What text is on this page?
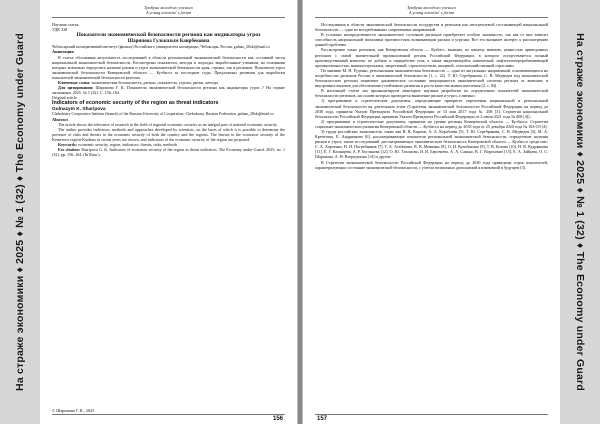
На страже экономики ♦ 2025 ♦ № 1 (32) ♦ The Economy under Guard
Трибуна молодого ученого
A young scientist' s forum

Научная статья

УДК 338

Показатели экономической безопасности региона как индикаторы угроз

Шарипова Гульназым Каирбековна

Чебоксарский кооперативный институт (филиал) Российского университета кооперации, Чебоксары, Россия, gulnaz_28okt@mail.ru

Аннотация

В статье обоснована актуальность исследований в области региональной экономической безопасности как составной части национальной экономической безопасности. Рассмотрены показатели, методы и подходы, выработанные учеными, на основании которых возможно определить наличие рисков и угроз экономической безопасности края, страны, так и регионов. Показатели угроз экономической безопасности Кемеровской области — Кузбасса за последние годы. Предложены решения для выработки показателей экономической безопасности региона.

Ключевые слова: экономическая безопасность, регион, показатели, угрозы, риски, методы

Для цитирования: Шарипова Г. К. Показатели экономической безопасности региона как индикаторы угроз // На страже экономики. 2025. № 1 (32). С. 156–164.

Original article

Indicators of economic security of the region as threat indicators

Gulnazym K. Sharipova

Cheboksary Cooperative Institute (branch) of the Russian University of Cooperation, Cheboksary, Russian Federation, gulnaz_28okt@mail.ru

Abstract

The article shows the relevance of research in the field of regional economic security as an integral part of national economic security.

The author provides indicators, methods and approaches developed by scientists, on the basis of which it is possible to determine the presence of risks and threats to the economic security of both the country and the regions. The threats to the economic security of the Kemerovo region-Kuzbass in recent years are shown, and indicators of the economic security of the region are proposed.

Keywords: economic security, region, indicators, threats, risks, methods

For citation: Sharipova G. K. Indicators of economic security of the region as threat indicators. The Economy under Guard. 2025; no. 1 (32), pp. 156–164. (In Russ.).

© Шарипова Г. К., 2025
156
Трибуна молодого ученого
A young scientist' s forum

Исследования в области экономической безопасности государства и регионов как неотъемлемой составляющей национальной безопасности — одно из востребованных современных направлений.

В условиях неопределенности экономическое состояние регионов приобретает особую значимость, так как от них зависит способность национальной экономики противостоять возникающим рискам и угрозам. Все это вызывает интерес к рассмотрению данной проблемы.

Рассмотрение таких регионов, как Кемеровская область — Кузбасс, вызвано, по нашему мнению, ценностью приведенных регионов с самой значительной промышленной регион Российской Федерации, в котором осуществляется полный производственный комплекс по добыче и переработке угля, а также выделяющийся химической, нефтегазоперерабатывающей промышленностью, машиностроением, энергетикой, строительством, пищевой, сельскохозяйственной отраслями.

По мнению М. Н. Руденко, региональная экономическая безопасность — одно из актуальных направлений, основывающихся на потребностях регионов России в экономической безопасности [1, с. 22]. Т. Ю. Серебрякова, С. В. Медведев под экономической безопасностью региона понимают динамическое состояние защищенности экономической системы региона от внешних и внутренних вызовов для обеспечения устойчивого развития и роста качества жизни населения [2, с. 84].

В настоящей статье мы проанализируем некоторые научные разработки по определению показателей экономической безопасности регионов, на основе которых проводятся выявление рисков и угроз, а именно:

1) программные и стратегические документы, определяющие приоритет укрепления национальной и региональной экономической безопасности на длительном этапе (Стратегия экономической безопасности Российской Федерации на период до 2030 года, принятая Указом Президента Российской Федерации от 13 мая 2017 года № 208 [3]; Стратегия национальной безопасности Российской Федерации, принятая Указом Президента Российской Федерации от 2 июля 2021 года № 400 [4]);

2) программные и стратегические документы, принятые на уровне региона Кемеровской области — Кузбасса: Стратегия социально-экономического развития Кемеровской области — Кузбасса на период до 2035 года от 25 декабря 2020 года № 163-ОЗ [4];

3) труды российских экономистов, таких как В. В. Карпов, А. А. Кораблева [5], Т. Ю. Серебрякова, С. В. Медведев [2], М. А. Кречетова, Е. Андрианова [6], рассматривающие показатели региональной экономической безопасности, определение наличия рисков и угроз; также исследований, рассматривающих экономическую безопасность Кемеровской области — Кузбасса среди них: С. А. Харченко, Н. И. Погребняков [7], Т. А. Агабекова, В. В. Миненко [8], О. И. Кулибакина [9], Т. В. Котова [10], Н. В. Кудрявцева [11], Е. Г. Казанцева, А. Р. Бугланова [12], О. Ю. Тихонова, И. И. Берсенева, А. А. Санько, В. Г. Ворохович [13], Е. А. Зайцева, О. С. Шарапова, А. Н. Второушина [14] и другие.

В Стратегии экономической безопасности Российской Федерации на период до 2030 года приведены сорок показателей, характеризующих состояние экономической безопасности, с учетом возможных дополнений и изменений в будущем [3].

157
На страже экономики ♦ 2025 ♦ № 1 (32) ♦ The Economy under Guard
